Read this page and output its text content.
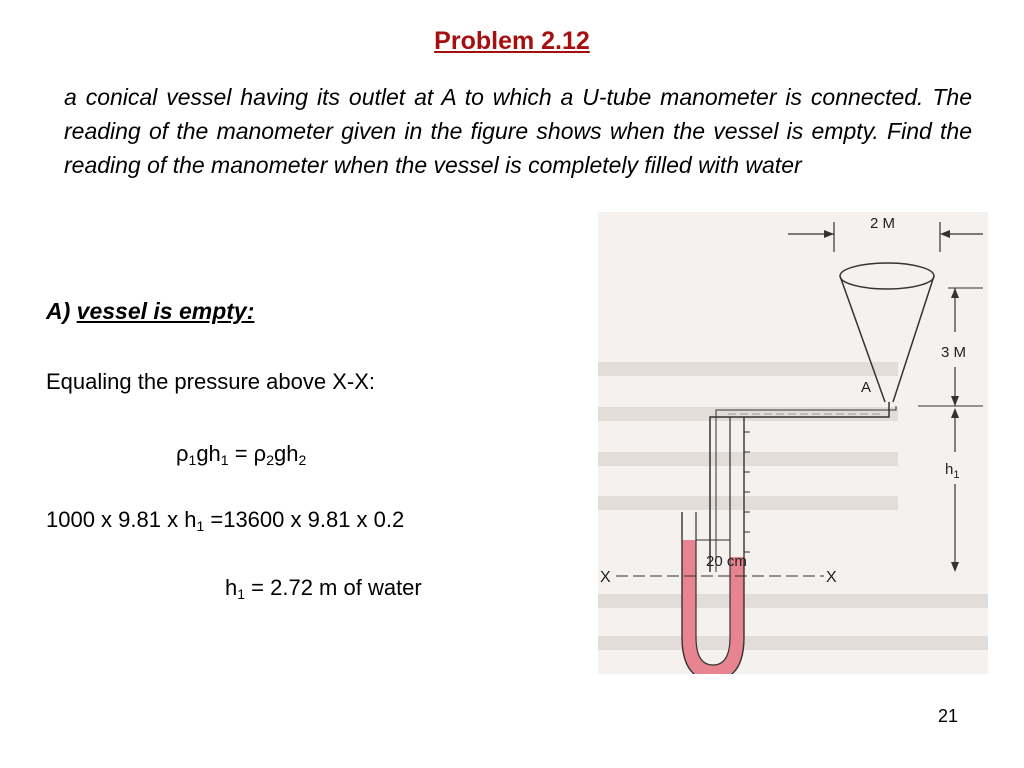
Problem 2.12
a conical vessel having its outlet at A to which a U-tube manometer is connected. The reading of the manometer given in the figure shows when the vessel is empty. Find the reading of the manometer when the vessel is completely filled with water
A) vessel is empty:
Equaling the pressure above X-X:
$\rho_1gh_1 = \rho_2gh_2$
1000 x 9.81 x $h_1 =13600$ x 9.81 x 0.2
$h_1 = 2.72$ m of water
2 M
3 M
A
$h_1$
20 cm
X	X
21
